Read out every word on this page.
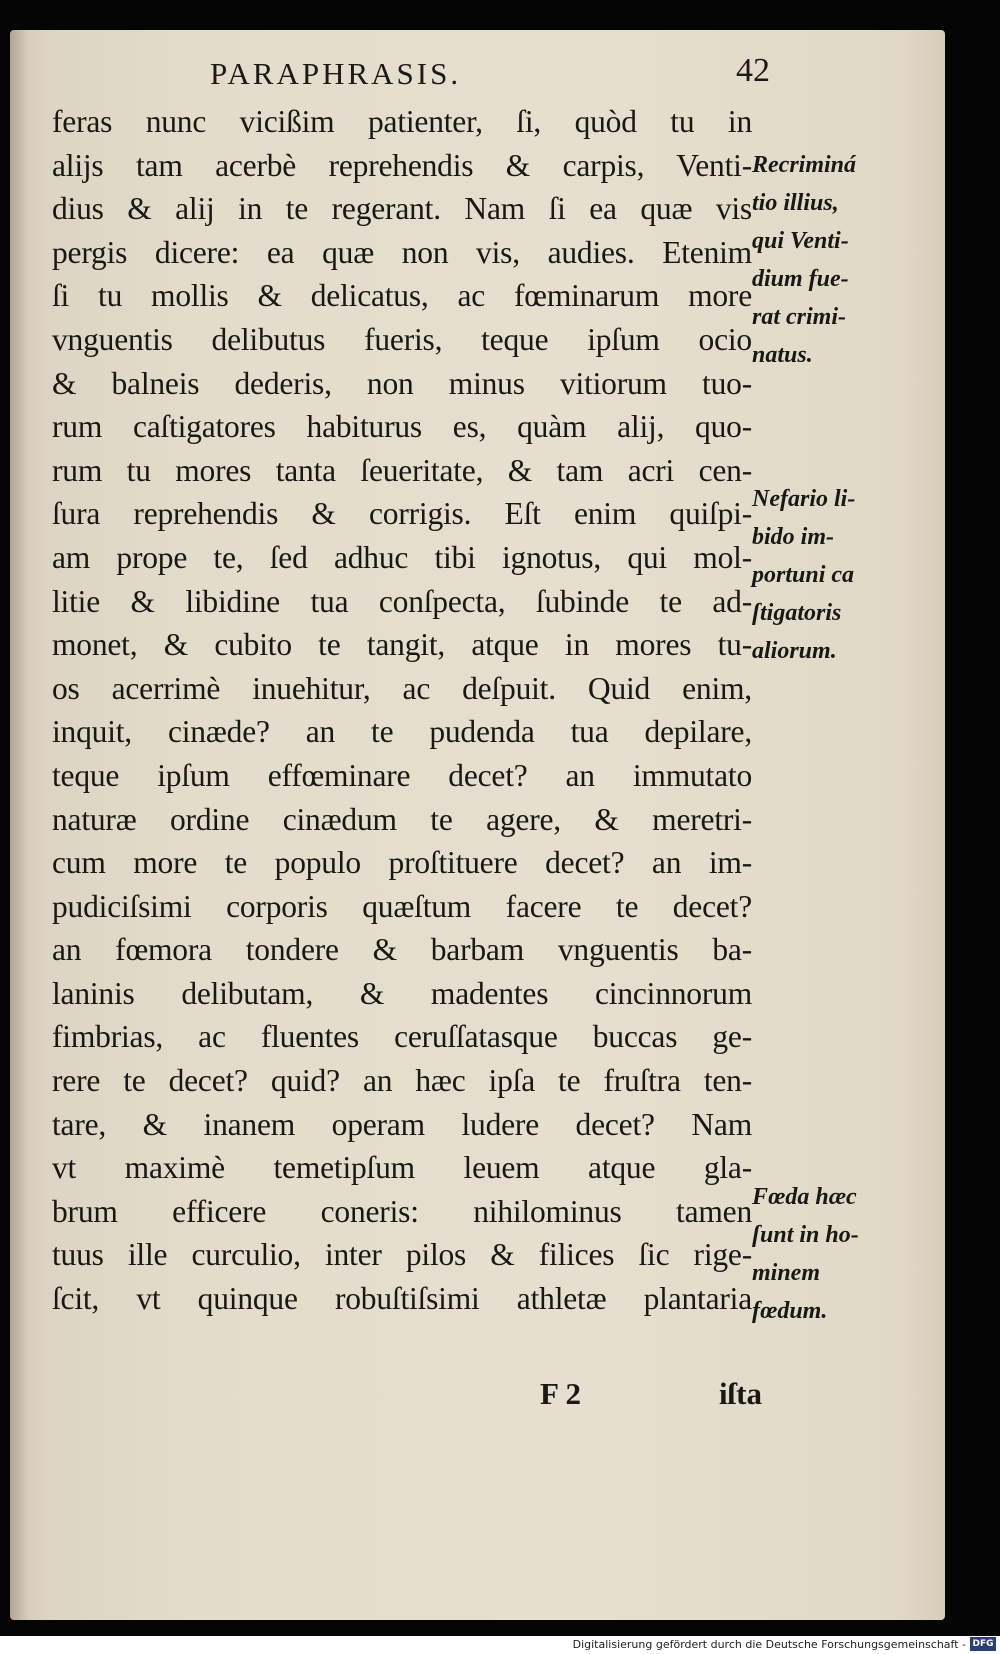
PARAPHRASIS.	42
feras nunc vicißim patienter, ſi, quòd tu in
alijs tam acerbè reprehendis & carpis, Venti-
dius & alij in te regerant. Nam ſi ea quæ vis
pergis dicere: ea quæ non vis, audies. Etenim
ſi tu mollis & delicatus, ac fœminarum more
vnguentis delibutus fueris, teque ipſum ocio
& balneis dederis, non minus vitiorum tuo-
rum caſtigatores habiturus es, quàm alij, quo-
rum tu mores tanta ſeueritate, & tam acri cen-
ſura reprehendis & corrigis. Eſt enim quiſpi-
am prope te, ſed adhuc tibi ignotus, qui mol-
litie & libidine tua conſpecta, ſubinde te ad-
monet, & cubito te tangit, atque in mores tu-
os acerrimè inuehitur, ac deſpuit. Quid enim,
inquit, cinæde? an te pudenda tua depilare,
teque ipſum effœminare decet? an immutato
naturæ ordine cinædum te agere, & meretri-
cum more te populo proſtituere decet? an im-
pudiciſsimi corporis quæſtum facere te decet?
an fœmora tondere & barbam vnguentis ba-
laninis delibutam, & madentes cincinnorum
fimbrias, ac fluentes ceruſſatasque buccas ge-
rere te decet? quid? an hæc ipſa te fruſtra ten-
tare, & inanem operam ludere decet? Nam
vt maximè temetipſum leuem atque gla-
brum efficere coneris: nihilominus tamen
tuus ille curculio, inter pilos & filices ſic rige-
ſcit, vt quinque robuſtiſsimi athletæ plantaria
Recriminá
tio illius,
qui Venti-
dium fue-
rat crimi-
natus.
Nefario li-
bido im-
portuni ca
ſtigatoris
aliorum.
Fœda hæc
ſunt in ho-
minem
fœdum.
F 2	iſta
Digitalisierung gefördert durch die Deutsche Forschungsgemeinschaft - DFG
